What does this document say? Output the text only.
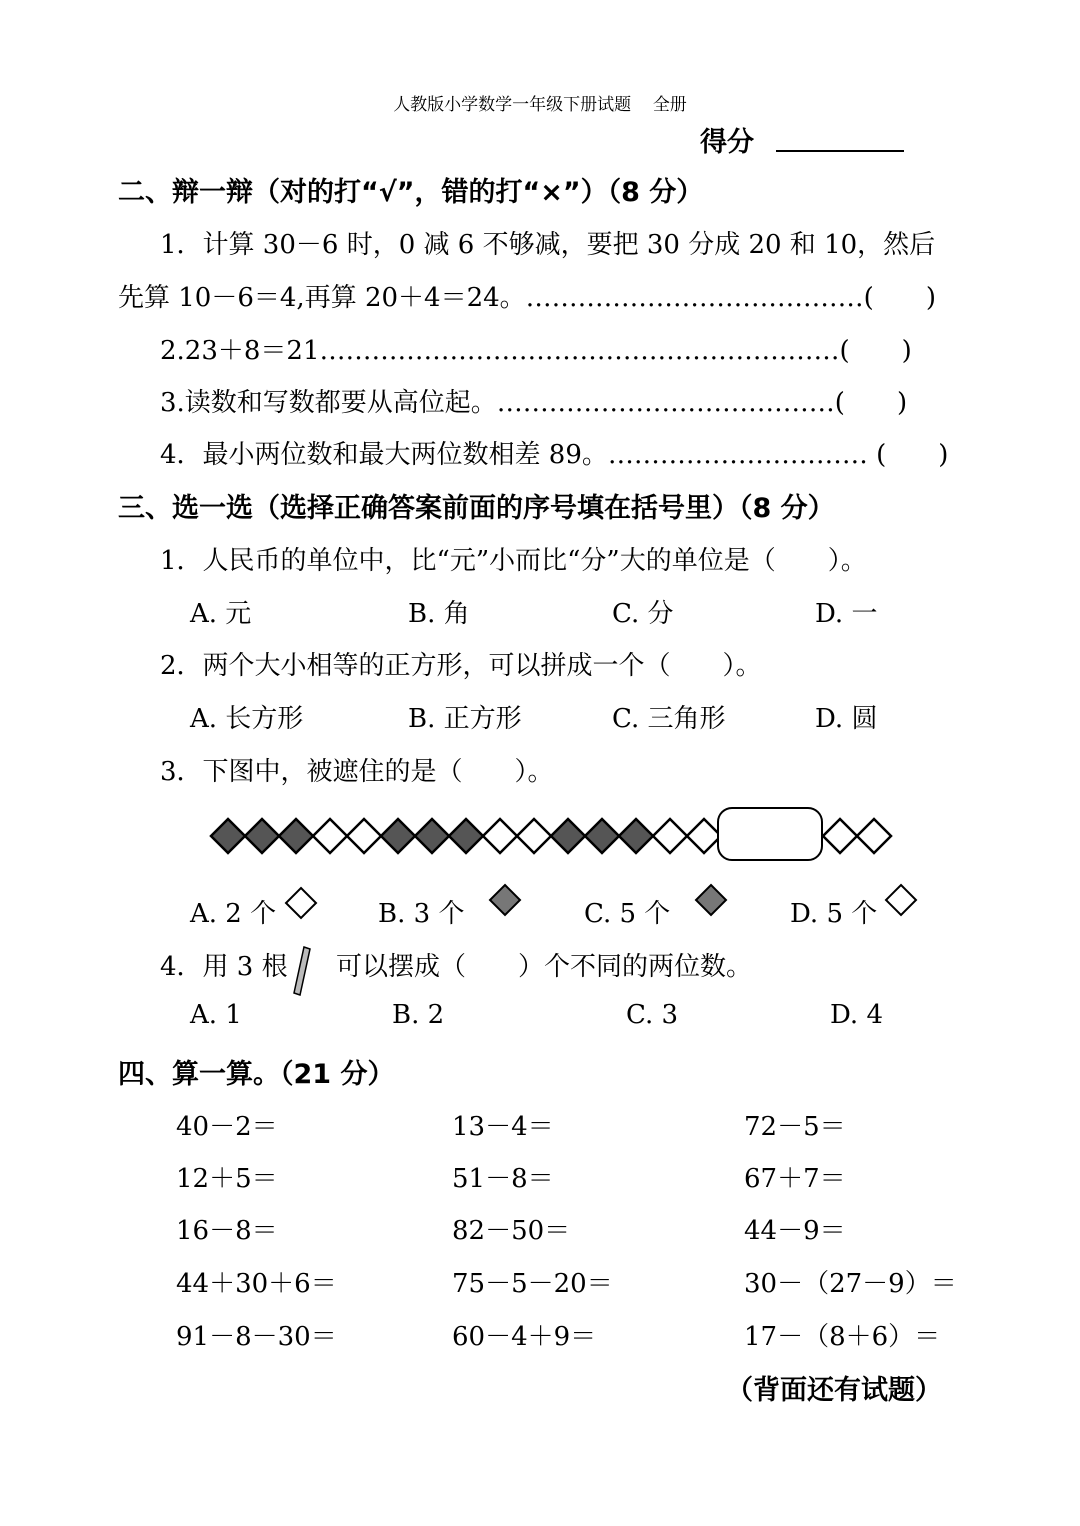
人教版小学数学一年级下册试题 全册
得分
二、辩一辩（对的打“√”，错的打“×”）（8 分）
1．计算 30－6 时，0 减 6 不够减，要把 30 分成 20 和 10，然后
先算 10－6＝4,再算 20＋4＝24。…………………………………(　　)
2.23＋8＝21……………………………………………………(　　)
3.读数和写数都要从高位起。…………………………………(　　)
4．最小两位数和最大两位数相差 89。………………………… (　　)
三、选一选（选择正确答案前面的序号填在括号里）（8 分）
1．人民币的单位中，比“元”小而比“分”大的单位是（　　）。
A. 元	B. 角	C. 分	D. 一
2．两个大小相等的正方形，可以拼成一个（　　）。
A. 长方形	B. 正方形	C. 三角形	D. 圆
3．下图中，被遮住的是（　　）。
A. 2 个	B. 3 个	C. 5 个	D. 5 个
4．用 3 根 可以摆成（　　）个不同的两位数。
A. 1	B. 2	C. 3	D. 4
四、算一算。（21 分）
40－2＝	13－4＝	72－5＝
12＋5＝	51－8＝	67＋7＝
16－8＝	82－50＝	44－9＝
44＋30＋6＝	75－5－20＝	30－（27－9）＝
91－8－30＝	60－4＋9＝	17－（8＋6）＝
（背面还有试题）
